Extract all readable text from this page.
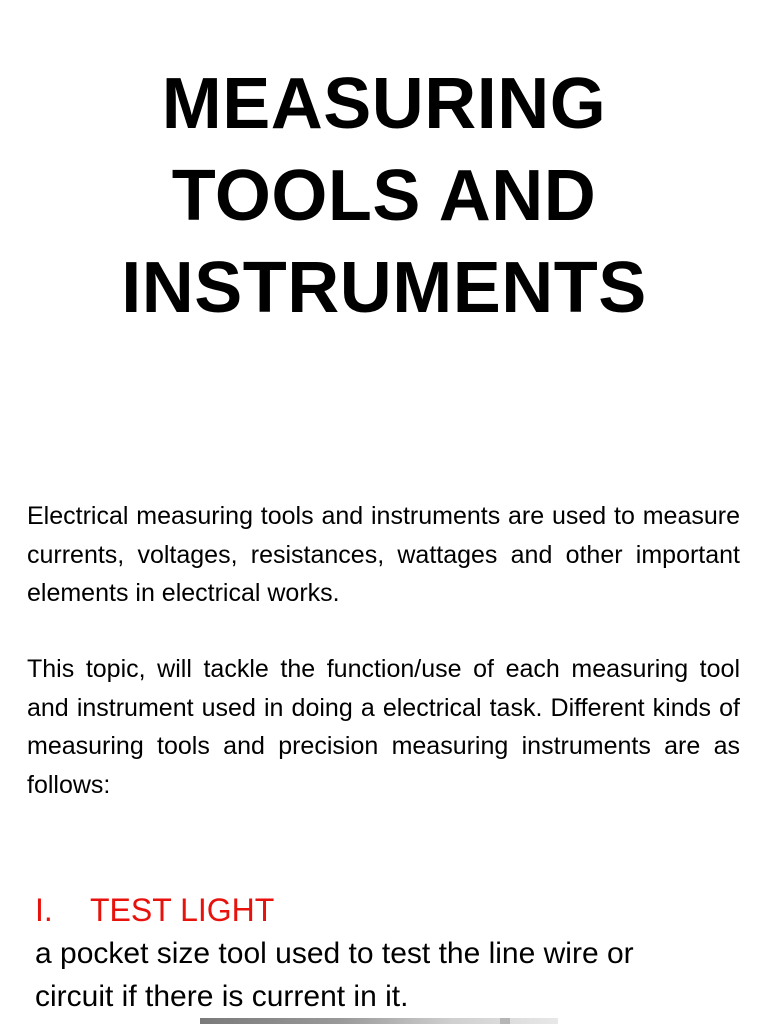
MEASURING
TOOLS AND
INSTRUMENTS

Electrical measuring tools and instruments are used to measure currents, voltages, resistances, wattages and other important elements in electrical works.

This topic, will tackle the function/use of each measuring tool and instrument used in doing a electrical task. Different kinds of measuring tools and precision measuring instruments are as follows:

I. TEST LIGHT

a pocket size tool used to test the line wire or
circuit if there is current in it.
